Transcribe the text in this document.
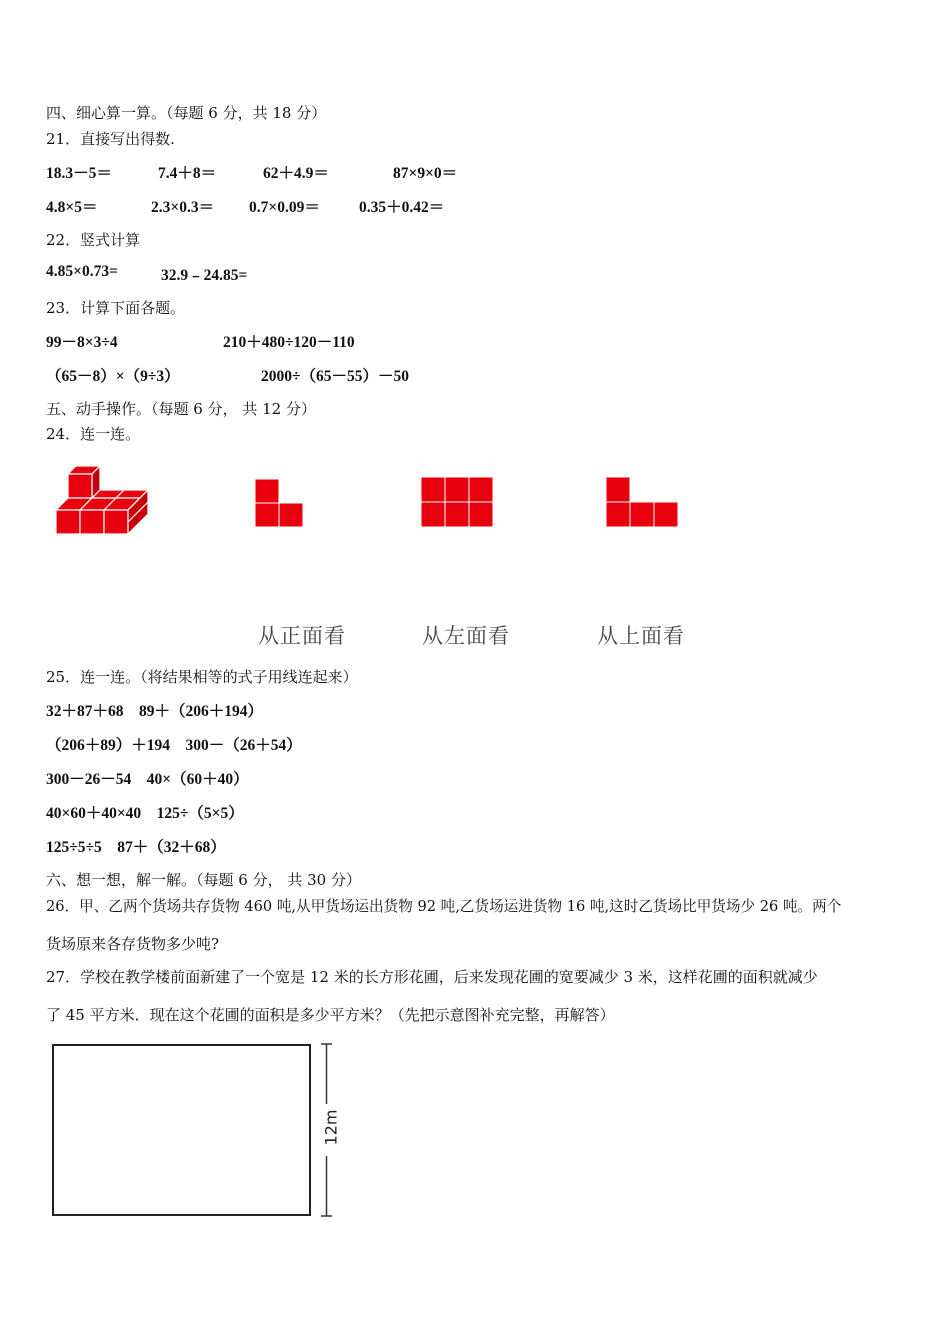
四、细心算一算。（每题 6 分，共 18 分）
21．直接写出得数.
18.3－5＝	7.4＋8＝	62＋4.9＝	87×9×0＝
4.8×5＝	2.3×0.3＝ 0.7×0.09＝	0.35＋0.42＝
22．竖式计算
4.85×0.73=	32.9﹣24.85=
23．计算下面各题。
99－8×3÷4	210＋480÷120－110
（65－8）×（9÷3）	2000÷（65－55）－50
五、动手操作。（每题 6 分， 共 12 分）
24．连一连。
从正面看	从左面看	从上面看
25．连一连。（将结果相等的式子用线连起来）
32＋87＋68　89＋（206＋194）
（206＋89）＋194　300－（26＋54）
300－26－54　40×（60＋40）
40×60＋40×40　125÷（5×5）
125÷5÷5　87＋（32＋68）
六、想一想，解一解。（每题 6 分， 共 30 分）
26．甲、乙两个货场共存货物 460 吨,从甲货场运出货物 92 吨,乙货场运进货物 16 吨,这时乙货场比甲货场少 26 吨。两个
货场原来各存货物多少吨?
27．学校在教学楼前面新建了一个宽是 12 米的长方形花圃，后来发现花圃的宽要减少 3 米，这样花圃的面积就减少
了 45 平方米．现在这个花圃的面积是多少平方米？（先把示意图补充完整，再解答）
12m
